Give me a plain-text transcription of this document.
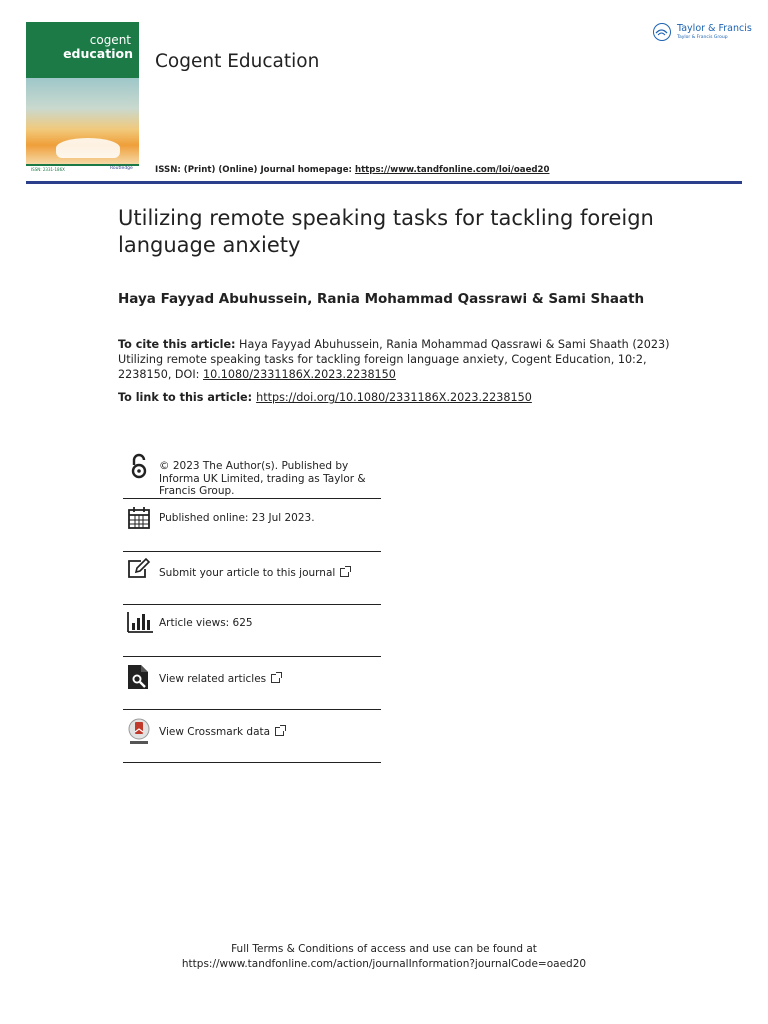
cogent
education
ISSN: 2331-186X	Routledge
Cogent Education
ISSN: (Print) (Online) Journal homepage: https://www.tandfonline.com/loi/oaed20
Taylor & Francis
Taylor & Francis Group
Utilizing remote speaking tasks for tackling foreign language anxiety
Haya Fayyad Abuhussein, Rania Mohammad Qassrawi & Sami Shaath
To cite this article: Haya Fayyad Abuhussein, Rania Mohammad Qassrawi & Sami Shaath (2023) Utilizing remote speaking tasks for tackling foreign language anxiety, Cogent Education, 10:2, 2238150, DOI: 10.1080/2331186X.2023.2238150
To link to this article: https://doi.org/10.1080/2331186X.2023.2238150
© 2023 The Author(s). Published by Informa UK Limited, trading as Taylor & Francis Group.
Published online: 23 Jul 2023.
Submit your article to this journal
Article views: 625
View related articles
View Crossmark data
Full Terms & Conditions of access and use can be found at
https://www.tandfonline.com/action/journalInformation?journalCode=oaed20
